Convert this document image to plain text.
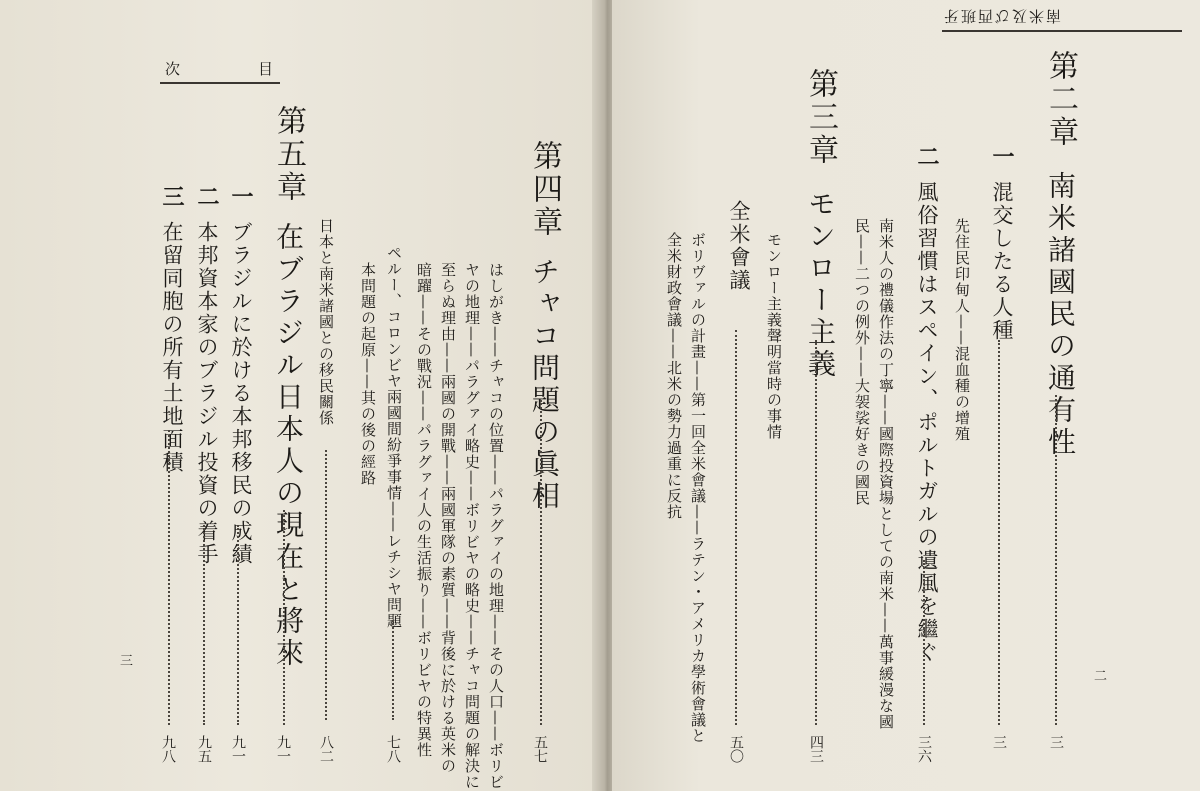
次	目
第四章チャコ問題の眞相
五七
はしがき——チャコの位置——パラグァイの地理——その人口——ボリビ
ヤの地理——パラグァイ略史——ボリビヤの略史——チャコ問題の解決に
至らぬ理由——兩國の開戰——兩國軍隊の素質——背後に於ける英米の
暗躍——その戰況——パラグァイ人の生活振り——ボリビヤの特異性
ペルー、コロンビヤ兩國間紛爭事情——レチシヤ問題
七八
本問題の起原——其の後の經路
日本と南米諸國との移民關係
八二
第五章在ブラジル日本人の現在と將來
九一
一ブラジルに於ける本邦移民の成績
九一
二本邦資本家のブラジル投資の着手
九五
三在留同胞の所有土地面積
九八
三
南米及び西班牙
第二章南米諸國民の通有性
三
一混交したる人種
三
先住民印甸人——混血種の增殖
二風俗習慣はスペイン、ポルトガルの遺風を繼ぐ
三六
南米人の禮儀作法の丁寧——國際投資場としての南米——萬事緩漫な國
民——二つの例外——大袈裟好きの國民
第三章モンロー主義
四三
モンロー主義聲明當時の事情
全米會議
五〇
ボリヴァルの計畫——第一回全米會議——ラテン・アメリカ學術會議と
全米財政會議——北米の勢力過重に反抗
二
